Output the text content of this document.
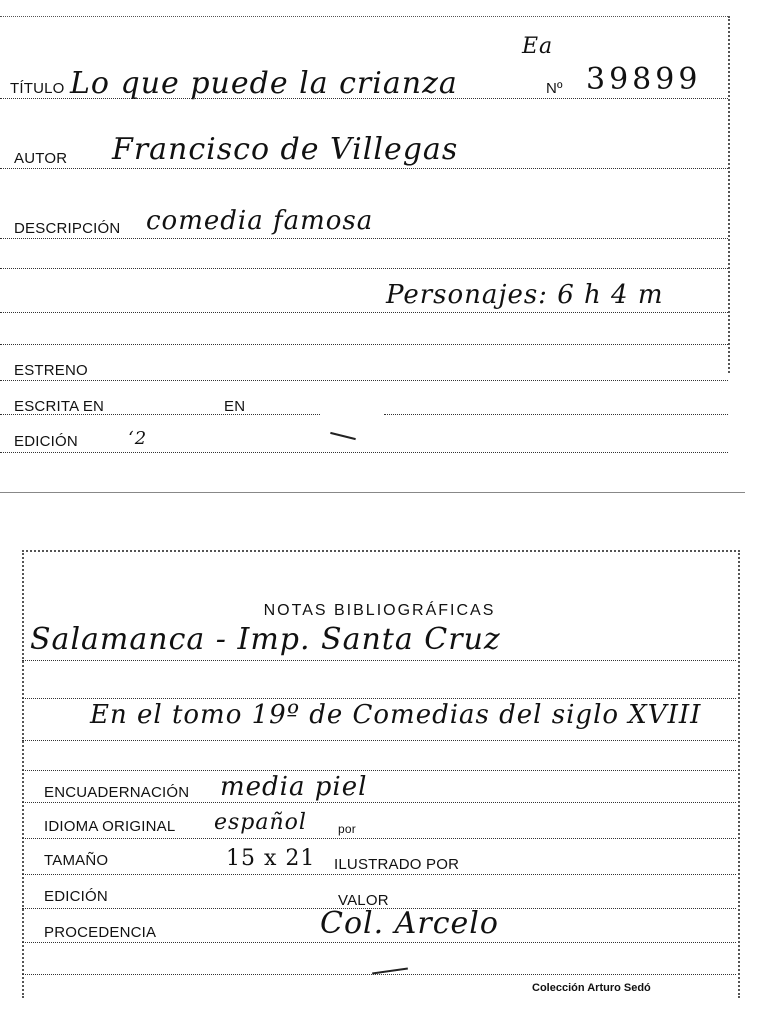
TÍTULO Lo que puede la crianza
Ea
Nº 39899
AUTOR Francisco de Villegas
DESCRIPCIÓN comedia famosa
Personajes: 6 h 4 m
ESTRENO
ESCRITA EN	EN
EDICIÓN	‘2
NOTAS BIBLIOGRÁFICAS
Salamanca - Imp. Santa Cruz
En el tomo 19º de Comedias del siglo XVIII
ENCUADERNACIÓN media piel
IDIOMA ORIGINAL español	por
TAMAÑO	15 x 21 ILUSTRADO POR
EDICIÓN	VALOR
PROCEDENCIA	Col. Arcelo
Colección Arturo Sedó
